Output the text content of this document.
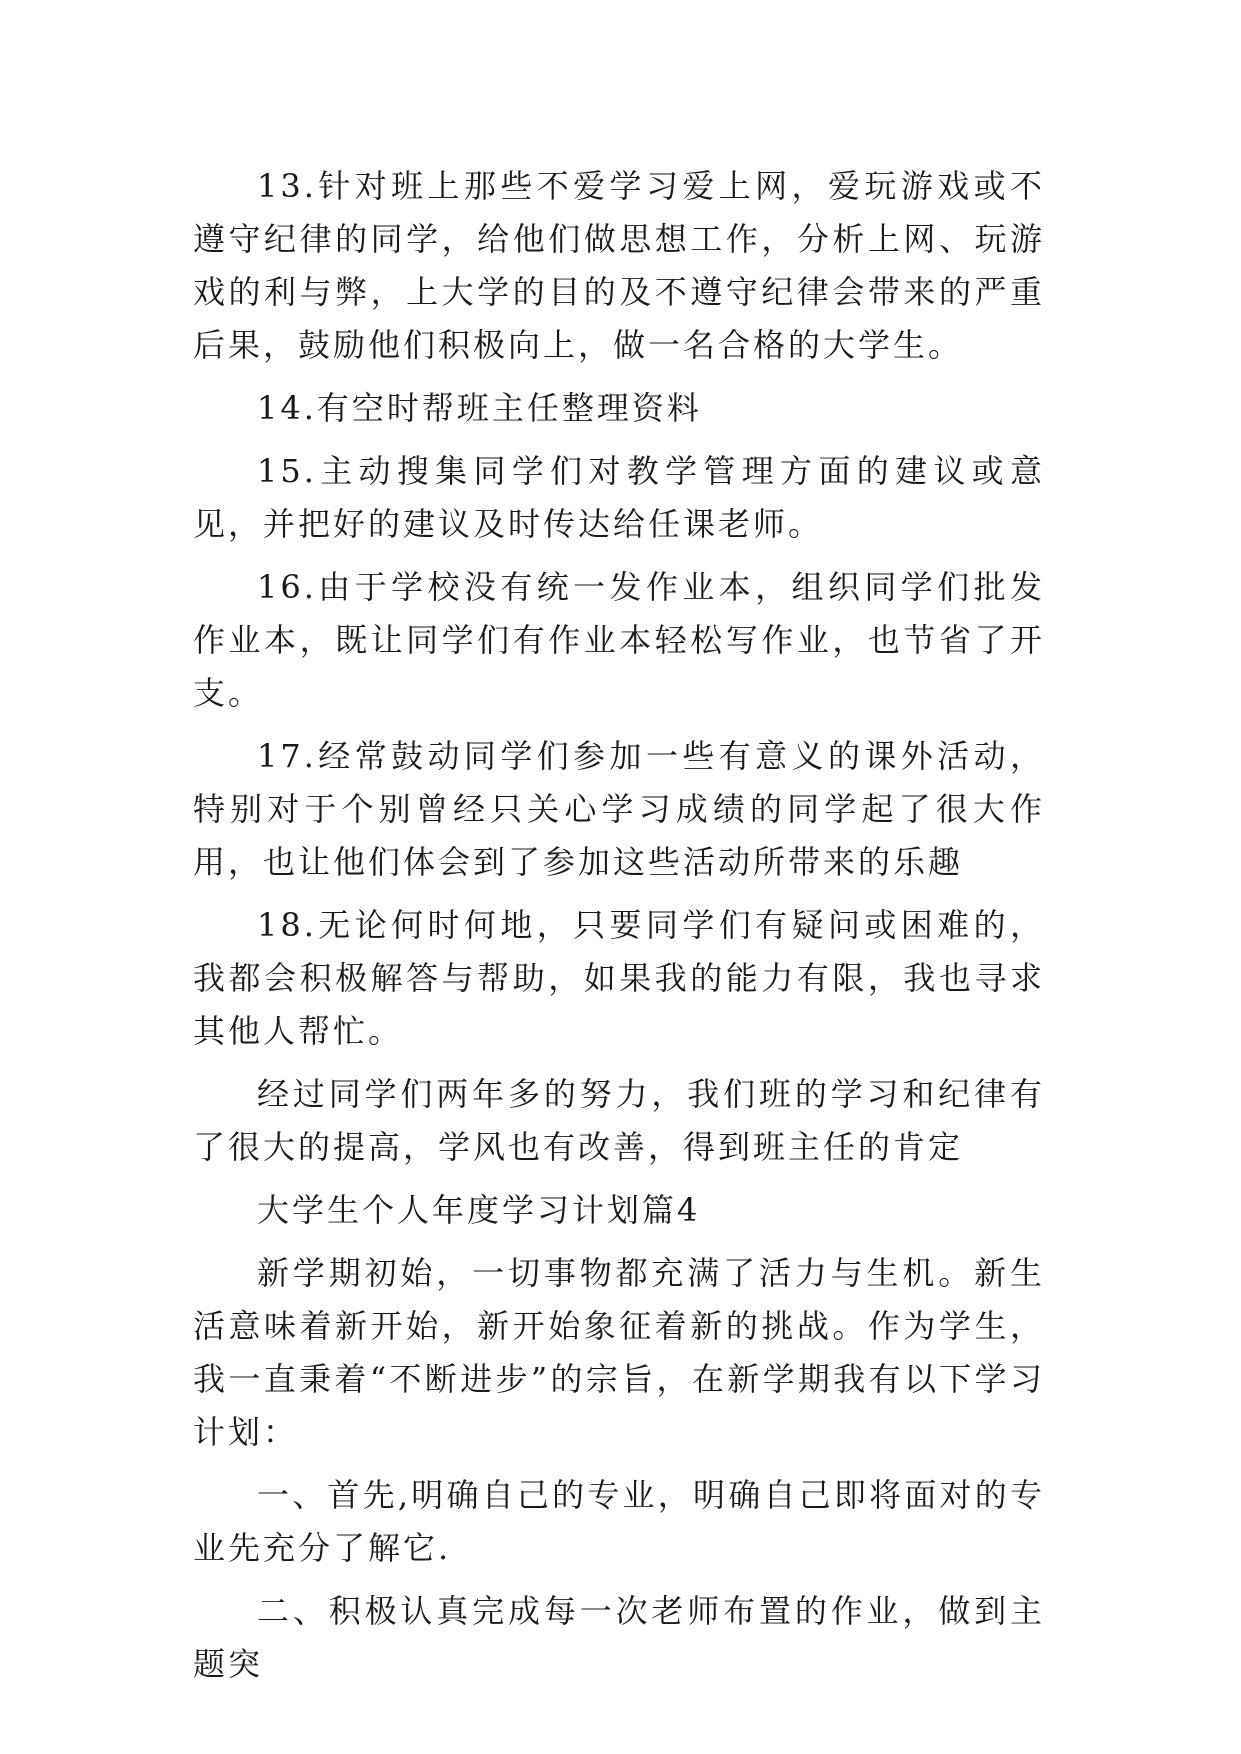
13.针对班上那些不爱学习爱上网，爱玩游戏或不遵守纪律的同学，给他们做思想工作，分析上网、玩游戏的利与弊，上大学的目的及不遵守纪律会带来的严重后果，鼓励他们积极向上，做一名合格的大学生。

14.有空时帮班主任整理资料

15.主动搜集同学们对教学管理方面的建议或意见，并把好的建议及时传达给任课老师。

16.由于学校没有统一发作业本，组织同学们批发作业本，既让同学们有作业本轻松写作业，也节省了开支。

17.经常鼓动同学们参加一些有意义的课外活动，特别对于个别曾经只关心学习成绩的同学起了很大作用，也让他们体会到了参加这些活动所带来的乐趣

18.无论何时何地，只要同学们有疑问或困难的，我都会积极解答与帮助，如果我的能力有限，我也寻求其他人帮忙。

经过同学们两年多的努力，我们班的学习和纪律有了很大的提高，学风也有改善，得到班主任的肯定

大学生个人年度学习计划篇4

新学期初始，一切事物都充满了活力与生机。新生活意味着新开始，新开始象征着新的挑战。作为学生，我一直秉着“不断进步”的宗旨，在新学期我有以下学习计划：

一、首先,明确自己的专业，明确自己即将面对的专业先充分了解它.

二、积极认真完成每一次老师布置的作业，做到主题突
